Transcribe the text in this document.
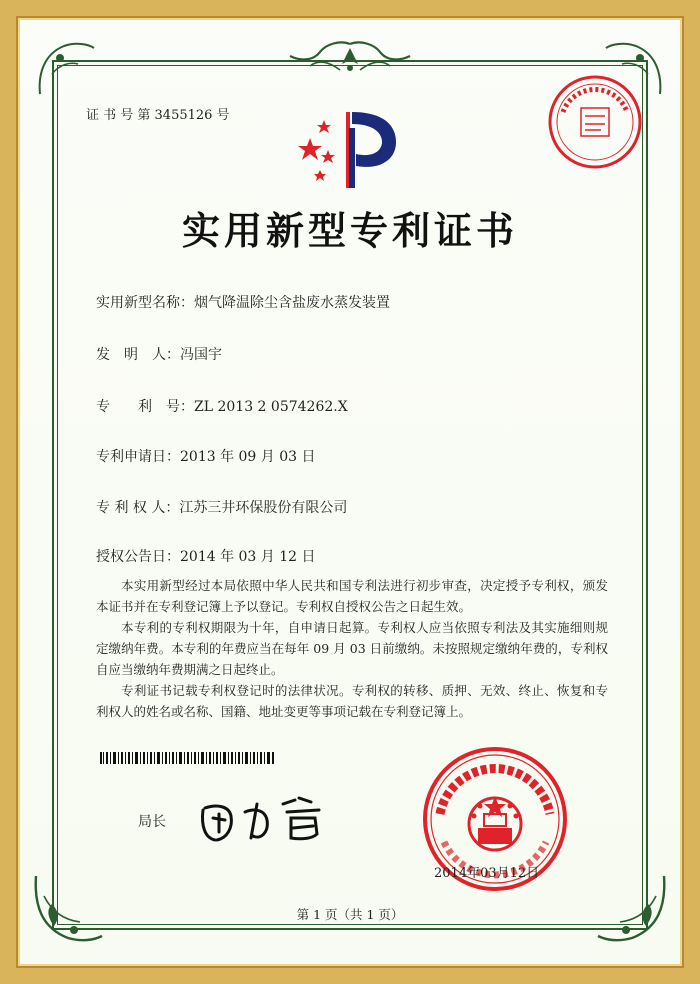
证 书 号 第 3455126 号
实用新型专利证书
实用新型名称：烟气降温除尘含盐废水蒸发装置
发　明　人：冯国宇
专　　利　号：ZL 2013 2 0574262.X
专利申请日：2013 年 09 月 03 日
专 利 权 人：江苏三井环保股份有限公司
授权公告日：2014 年 03 月 12 日
本实用新型经过本局依照中华人民共和国专利法进行初步审查，决定授予专利权，颁发本证书并在专利登记簿上予以登记。专利权自授权公告之日起生效。
本专利的专利权期限为十年，自申请日起算。专利权人应当依照专利法及其实施细则规定缴纳年费。本专利的年费应当在每年 09 月 03 日前缴纳。未按照规定缴纳年费的，专利权自应当缴纳年费期满之日起终止。
专利证书记载专利权登记时的法律状况。专利权的转移、质押、无效、终止、恢复和专利权人的姓名或名称、国籍、地址变更等事项记载在专利登记簿上。
局长
2014年03月12日
第 1 页（共 1 页）
